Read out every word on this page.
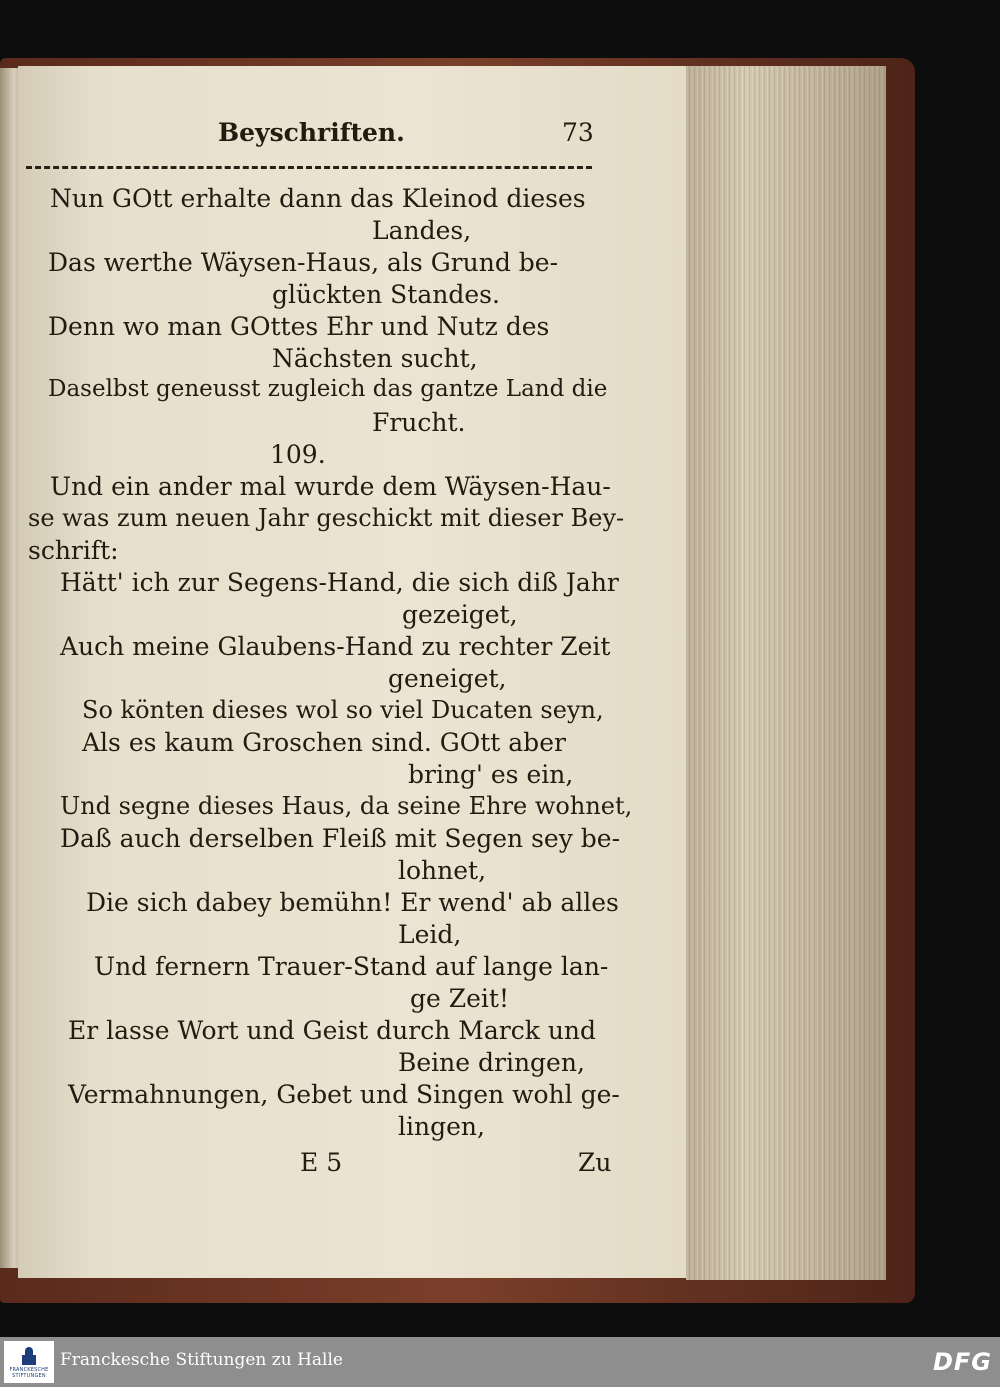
Beyschriften.	73

Nun GOtt erhalte dann das Kleinod dieses

Landes,

Das werthe Wäysen-Haus, als Grund be-

glückten Standes.

Denn wo man GOttes Ehr und Nutz des

Nächsten sucht,

Daselbst geneusst zugleich das gantze Land die

Frucht.

109.

Und ein ander mal wurde dem Wäysen-Hau-

se was zum neuen Jahr geschickt mit dieser Bey-

schrift:

Hätt' ich zur Segens-Hand, die sich diß Jahr

gezeiget,

Auch meine Glaubens-Hand zu rechter Zeit

geneiget,

So könten dieses wol so viel Ducaten seyn,

Als es kaum Groschen sind. GOtt aber

bring' es ein,

Und segne dieses Haus, da seine Ehre wohnet,

Daß auch derselben Fleiß mit Segen sey be-

lohnet,

Die sich dabey bemühn! Er wend' ab alles

Leid,

Und fernern Trauer-Stand auf lange lan-

ge Zeit!

Er lasse Wort und Geist durch Marck und

Beine dringen,

Vermahnungen, Gebet und Singen wohl ge-

lingen,

E 5	Zu
FRANCKESCHE STIFTUNGEN
Franckesche Stiftungen zu Halle	DFG
